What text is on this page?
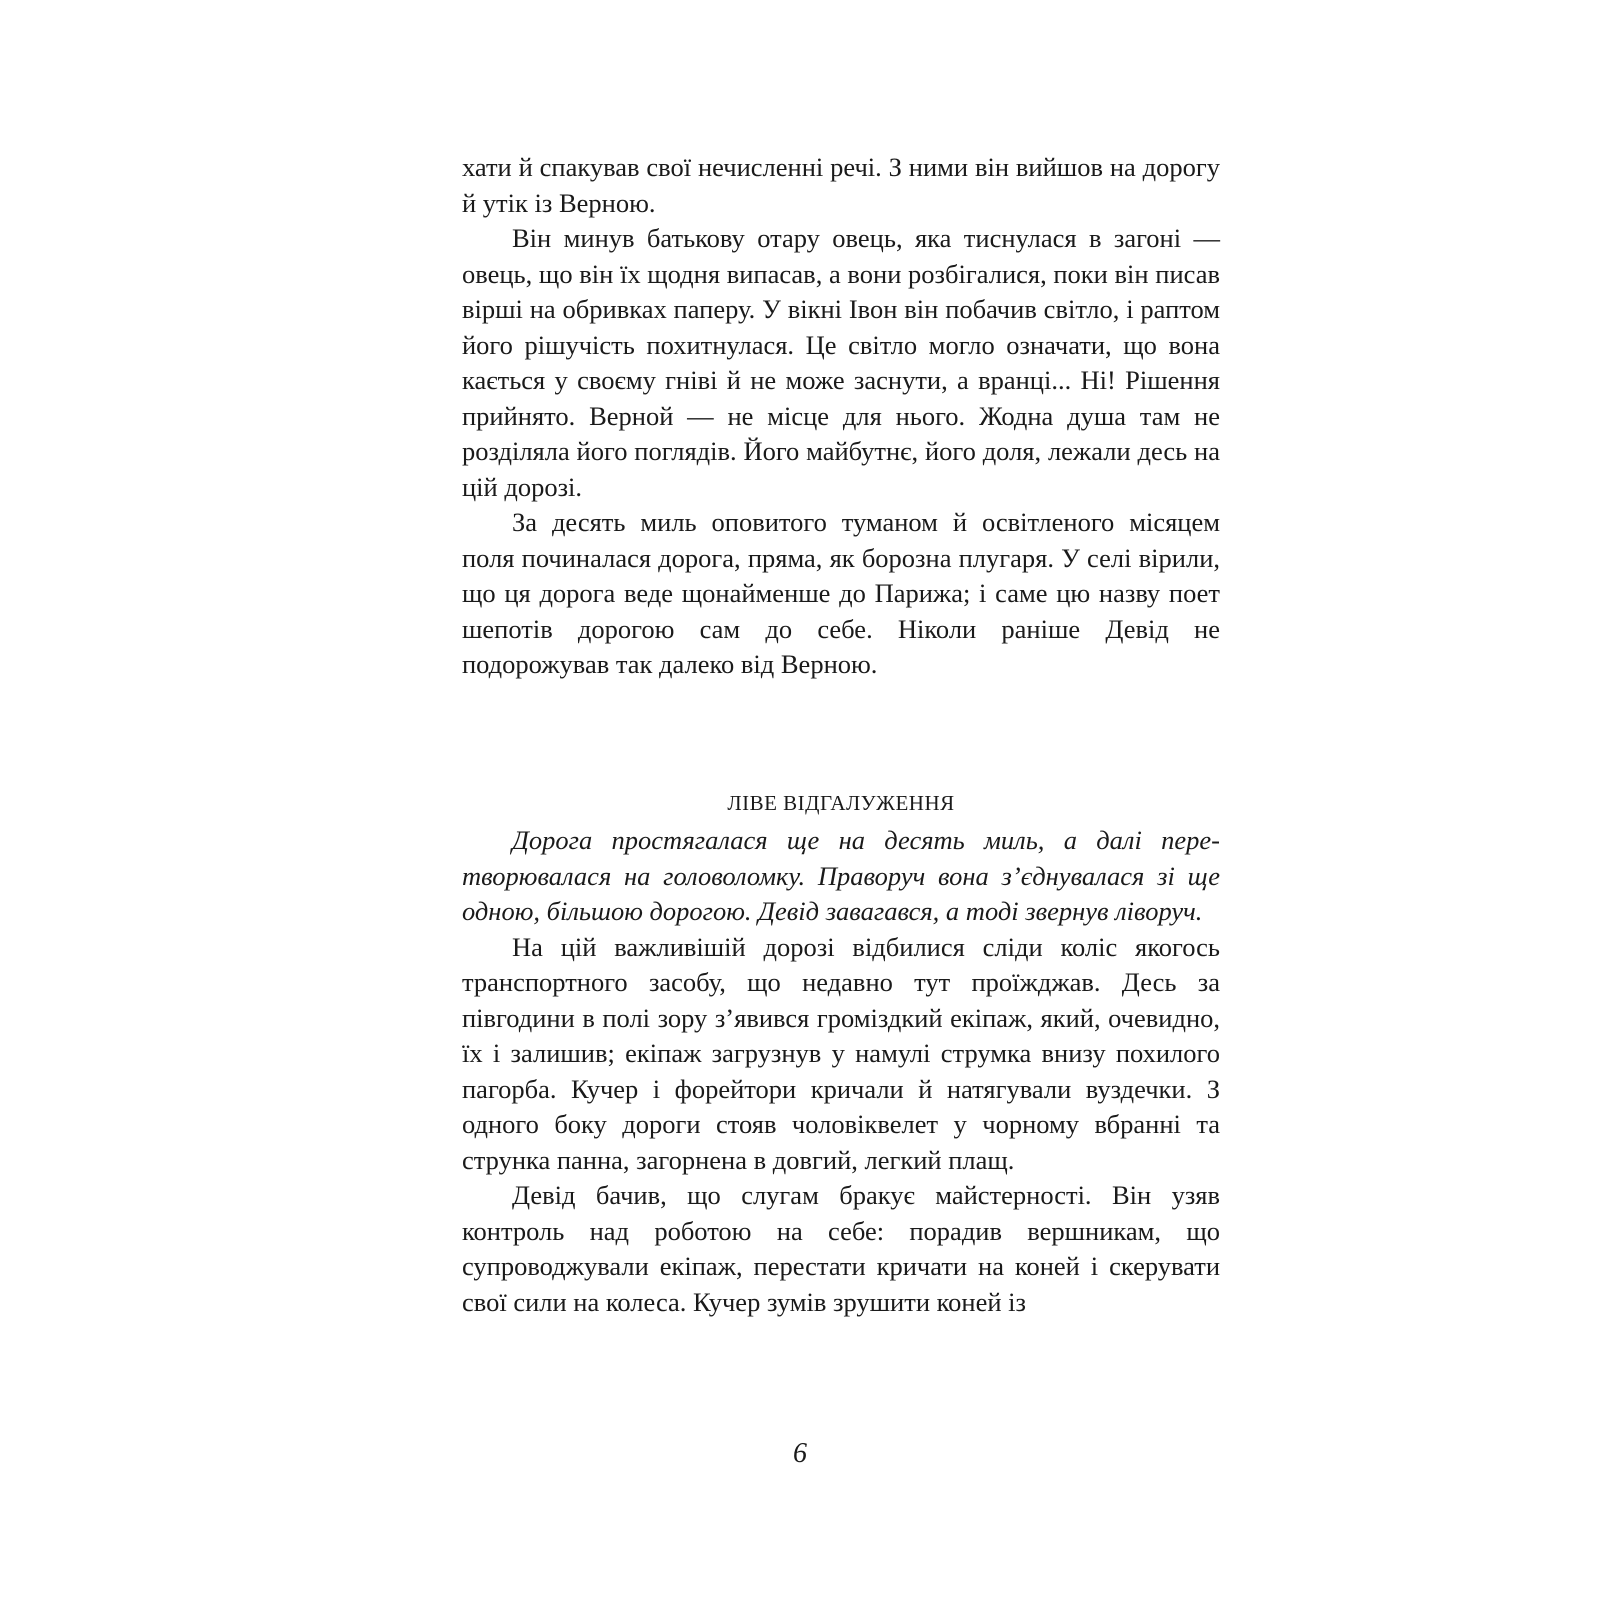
хати й спакував свої нечисленні речі. З ними він вийшов на дорогу й утік із Верною.

Він минув батькову отару овець, яка тиснулася в загоні — овець, що він їх щодня випасав, а вони розбігалися, поки він писав вірші на обривках паперу. У вікні Івон він побачив світло, і раптом його рішучість похитнулася. Це світло могло означати, що вона кається у своєму гніві й не може заснути, а вранці... Ні! Рішення прийнято. Верной — не місце для нього. Жодна душа там не розділяла його поглядів. Його майбутнє, його доля, лежали десь на цій дорозі.

За десять миль оповитого туманом й освітленого місяцем поля починалася дорога, пряма, як борозна плугаря. У селі вірили, що ця дорога веде щонайменше до Парижа; і саме цю назву поет шепотів дорогою сам до себе. Ніколи раніше Девід не подорожував так далеко від Верною.

ЛІВЕ ВІДГАЛУЖЕННЯ

Дорога простягалася ще на десять миль, а далі перетворювалася на головоломку. Праворуч вона з’єднувалася зі ще одною, більшою дорогою. Девід завагався, а тоді звернув ліворуч.

На цій важливішій дорозі відбилися сліди коліс якогось транспортного засобу, що недавно тут проїжджав. Десь за півгодини в полі зору з’явився громіздкий екіпаж, який, очевидно, їх і залишив; екіпаж загрузнув у намулі струмка внизу похилого пагорба. Кучер і форейтори кричали й натягували вуздечки. З одного боку дороги стояв чоловіквелет у чорному вбранні та струнка панна, загорнена в довгий, легкий плащ.

Девід бачив, що слугам бракує майстерності. Він узяв контроль над роботою на себе: порадив вершникам, що супроводжували екіпаж, перестати кричати на коней і скерувати свої сили на колеса. Кучер зумів зрушити коней із

6
